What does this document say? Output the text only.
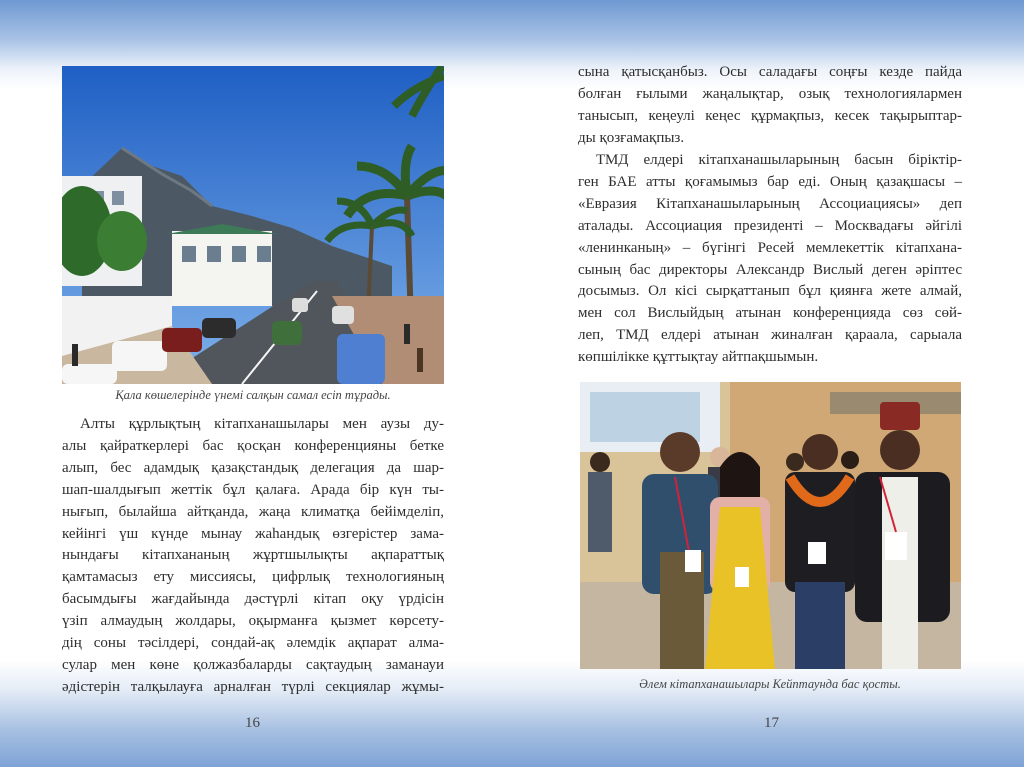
Қала көшелерінде үнемі салқын самал есіп тұрады.
Алты құрлықтың кітапханашылары мен аузы ду-
алы қайраткерлері бас қосқан конференцияны бетке
алып, бес адамдық қазақстандық делегация да шар-
шап-шалдығып жеттік бұл қалаға. Арада бір күн ты-
нығып, былайша айтқанда, жаңа климатқа бейімделіп,
кейінгі үш күнде мынау жаһандық өзгерістер зама-
нындағы кітапхананың жұртшылықты ақпараттық
қамтамасыз ету миссиясы, цифрлық технологияның
басымдығы жағдайында дәстүрлі кітап оқу үрдісін
үзіп алмаудың жолдары, оқырманға қызмет көрсету-
дің соны тәсілдері, сондай-ақ әлемдік ақпарат алма-
сулар мен көне қолжазбаларды сақтаудың заманауи
әдістерін талқылауға арналған түрлі секциялар жұмы-
16
сына қатысқанбыз. Осы саладағы соңғы кезде пайда
болған ғылыми жаңалықтар, озық технологиялармен
танысып, кеңеулі кеңес құрмақпыз, кесек тақырыптар-
ды қозғамақпыз.
ТМД елдері кітапханашыларының басын біріктір-
ген БАЕ атты қоғамымыз бар еді. Оның қазақшасы –
«Евразия Кітапханашыларының Ассоциациясы» деп
аталады. Ассоциация президенті – Москвадағы әйгілі
«ленинканың» – бүгінгі Ресей мемлекеттік кітапхана-
сының бас директоры Александр Вислый деген әріптес
досымыз. Ол кісі сырқаттанып бұл қиянға жете алмай,
мен сол Вислыйдың атынан конференцияда сөз сөй-
леп, ТМД елдері атынан жиналған қараала, сарыала
көпшілікке құттықтау айтпақшымын.
Әлем кітапханашылары Кейптаунда бас қосты.
17
